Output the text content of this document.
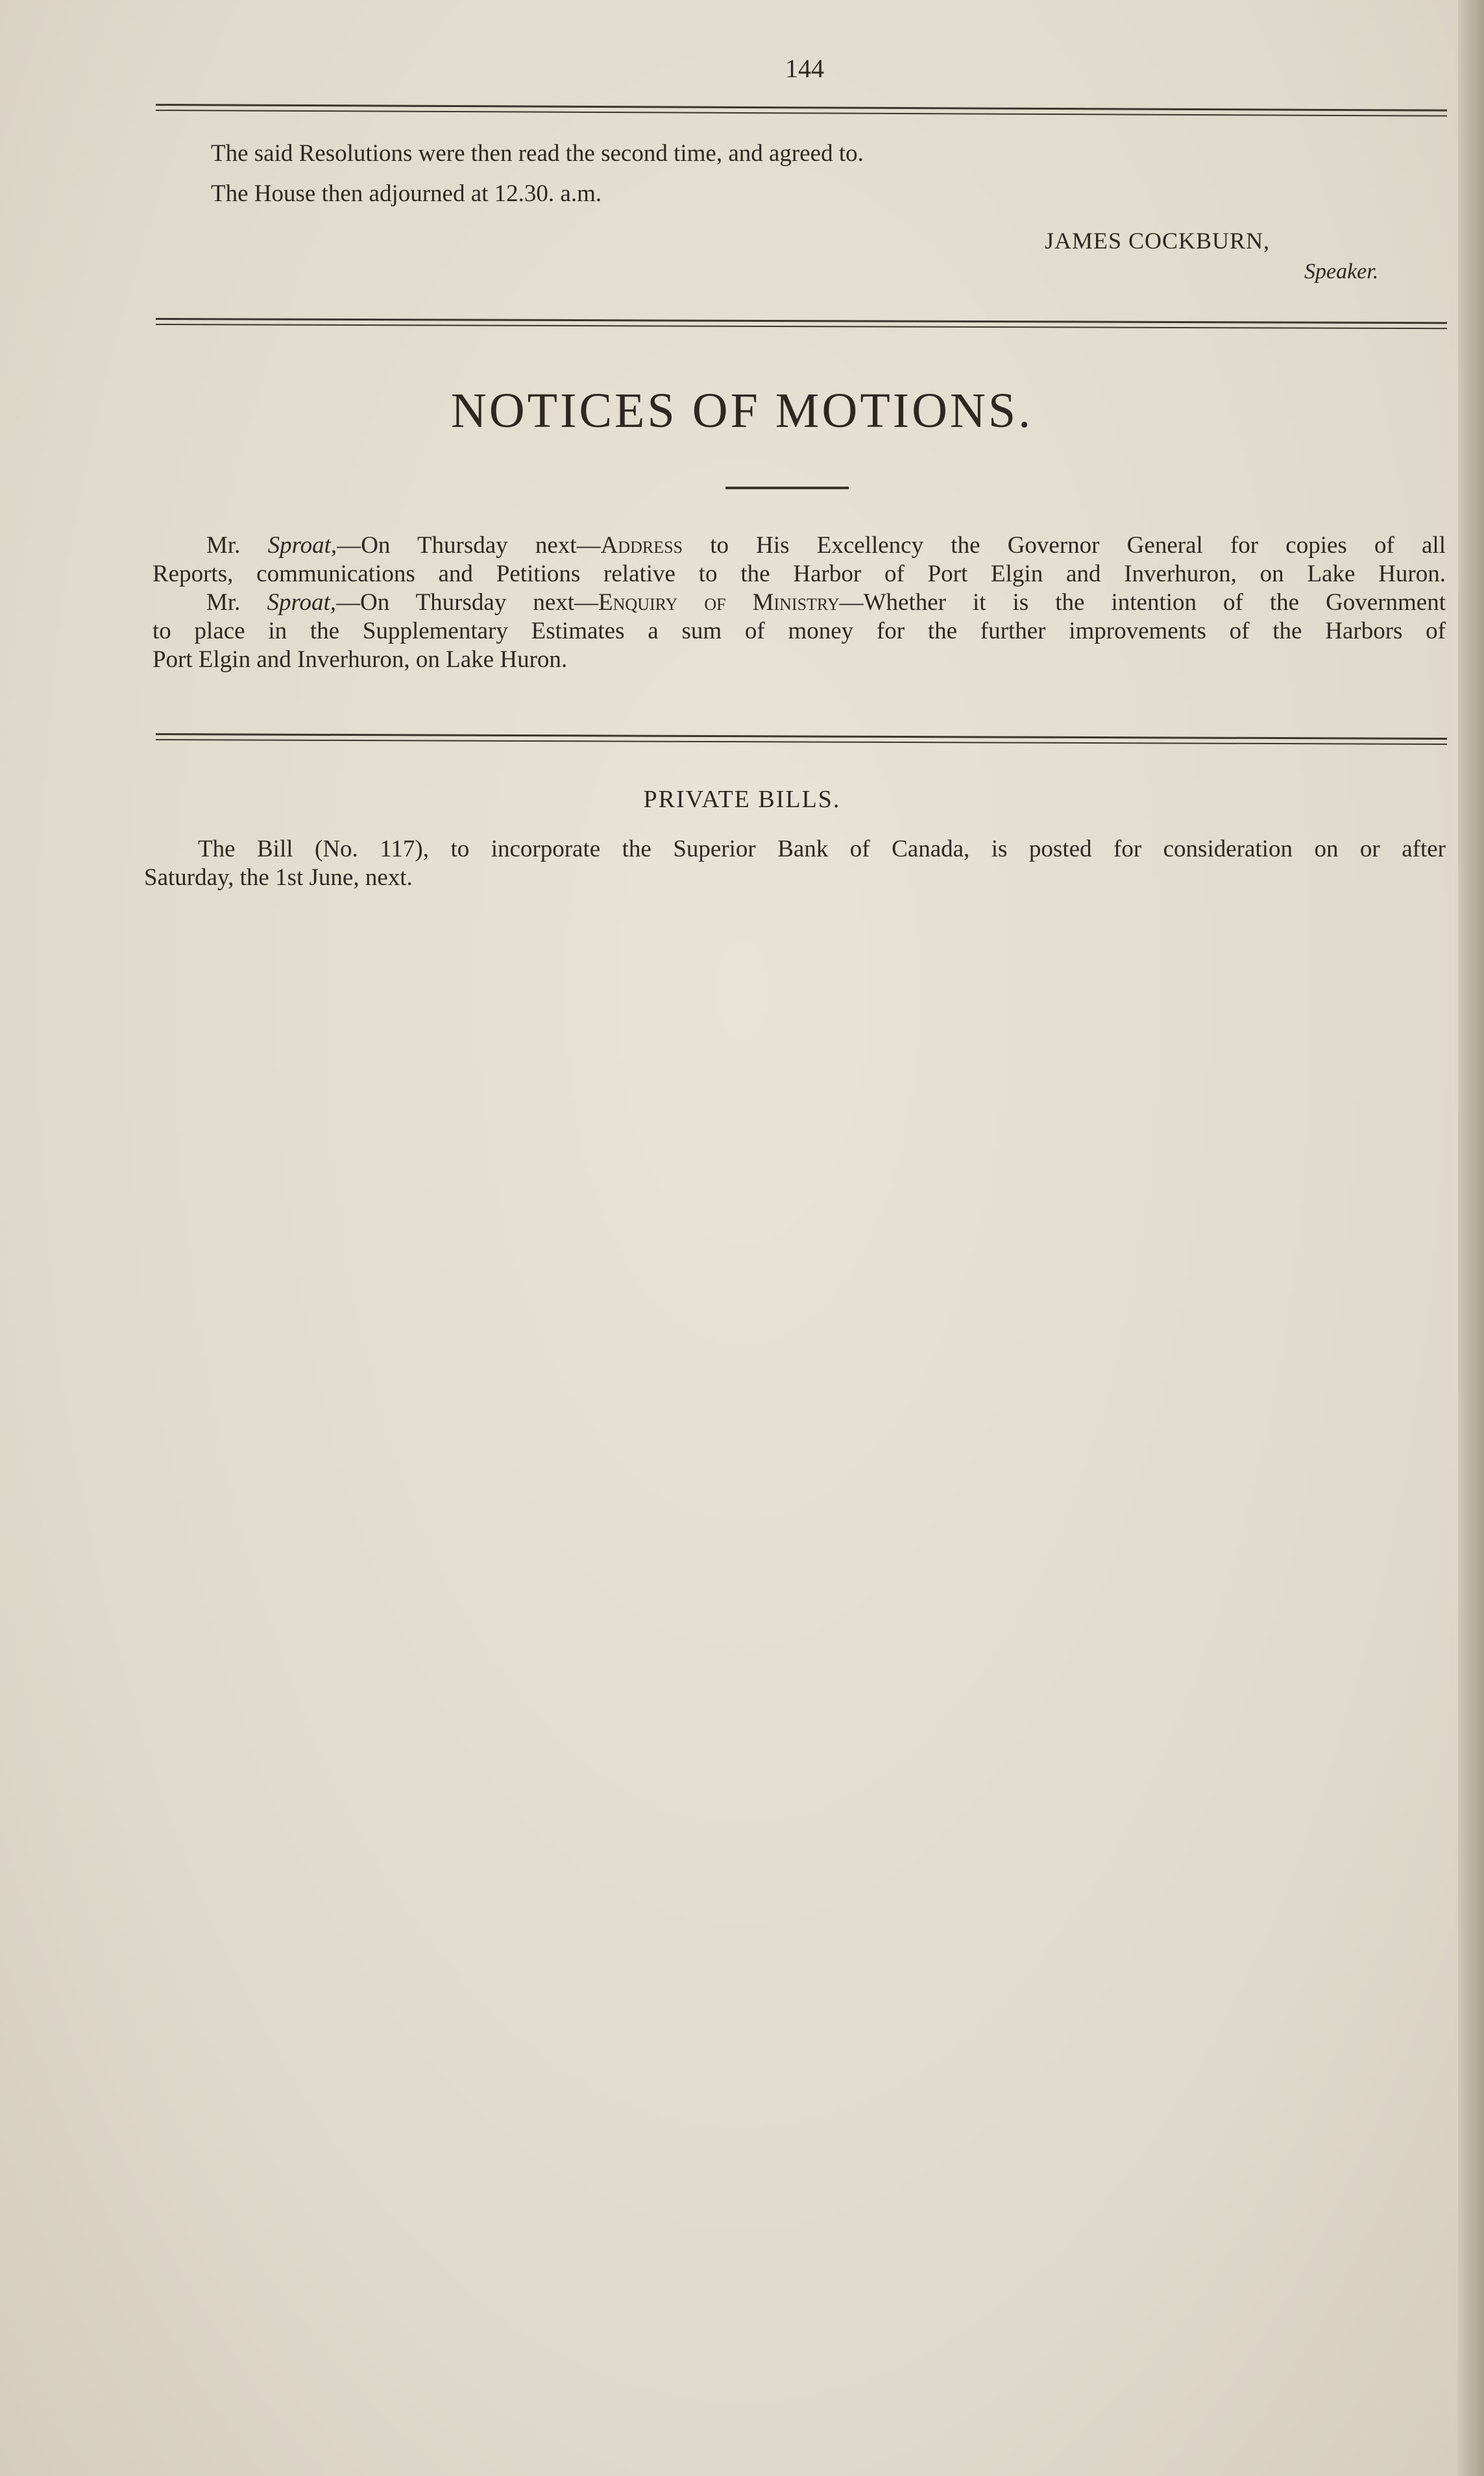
144
The said Resolutions were then read the second time, and agreed to.
The House then adjourned at 12.30. a.m.
JAMES COCKBURN,
Speaker.
NOTICES OF MOTIONS.
Mr. Sproat,—On Thursday next—Address to His Excellency the Governor General for copies of all
Reports, communications and Petitions relative to the Harbor of Port Elgin and Inverhuron, on Lake Huron.
Mr. Sproat,—On Thursday next—Enquiry of Ministry—Whether it is the intention of the Government
to place in the Supplementary Estimates a sum of money for the further improvements of the Harbors of
Port Elgin and Inverhuron, on Lake Huron.
PRIVATE BILLS.
The Bill (No. 117), to incorporate the Superior Bank of Canada, is posted for consideration on or after
Saturday, the 1st June, next.
